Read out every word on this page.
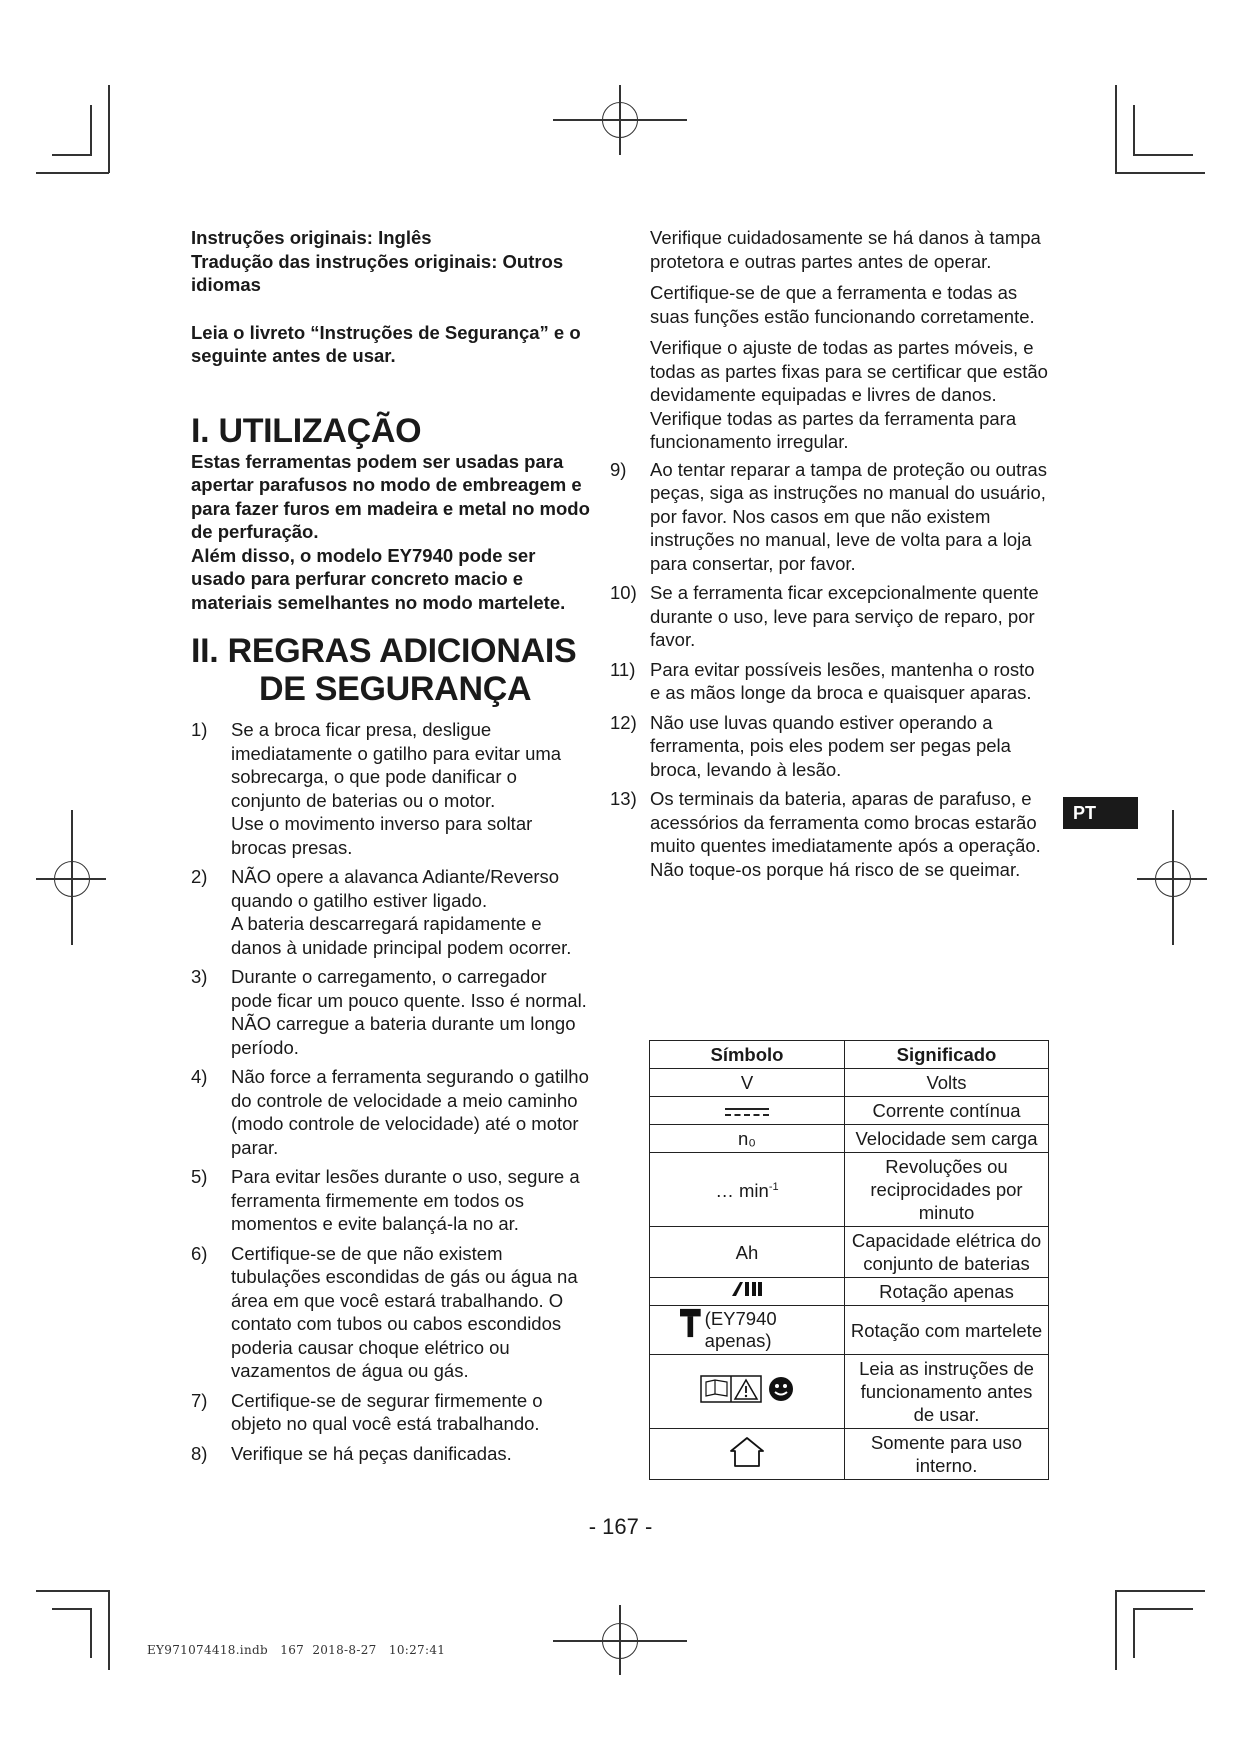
Instruções originais: Inglês

Tradução das instruções originais: Outros idiomas

Leia o livreto “Instruções de Segurança” e o seguinte antes de usar.

I. UTILIZAÇÃO

Estas ferramentas podem ser usadas para apertar parafusos no modo de embreagem e para fazer furos em madeira e metal no modo de perfuração.

Além disso, o modelo EY7940 pode ser usado para perfurar concreto macio e materiais semelhantes no modo martelete.

II. REGRAS ADICIONAIS
DE SEGURANÇA
1) Se a broca ficar presa, desligue imediatamente o gatilho para evitar uma sobrecarga, o que pode danificar o conjunto de baterias ou o motor.

Use o movimento inverso para soltar brocas presas.

2) NÃO opere a alavanca Adiante/Reverso quando o gatilho estiver ligado.

A bateria descarregará rapidamente e danos à unidade principal podem ocorrer.

3) Durante o carregamento, o carregador pode ficar um pouco quente. Isso é normal.

NÃO carregue a bateria durante um longo período.

4) Não force a ferramenta segurando o gatilho do controle de velocidade a meio caminho (modo controle de velocidade) até o motor parar.

5) Para evitar lesões durante o uso, segure a ferramenta firmemente em todos os momentos e evite balançá-la no ar.

6) Certifique-se de que não existem tubulações escondidas de gás ou água na área em que você estará trabalhando. O contato com tubos ou cabos escondidos poderia causar choque elétrico ou vazamentos de água ou gás.

7) Certifique-se de segurar firmemente o objeto no qual você está trabalhando.

8) Verifique se há peças danificadas.

Verifique cuidadosamente se há danos à tampa protetora e outras partes antes de operar.

Certifique-se de que a ferramenta e todas as suas funções estão funcionando corretamente.

Verifique o ajuste de todas as partes móveis, e todas as partes fixas para se certificar que estão devidamente equipadas e livres de danos. Verifique todas as partes da ferramenta para funcionamento irregular.

9) Ao tentar reparar a tampa de proteção ou outras peças, siga as instruções no manual do usuário, por favor. Nos casos em que não existem instruções no manual, leve de volta para a loja para consertar, por favor.

10) Se a ferramenta ficar excepcionalmente quente durante o uso, leve para serviço de reparo, por favor.

11) Para evitar possíveis lesões, mantenha o rosto e as mãos longe da broca e quaisquer aparas.

12) Não use luvas quando estiver operando a ferramenta, pois eles podem ser pegas pela broca, levando à lesão.

13) Os terminais da bateria, aparas de parafuso, e acessórios da ferramenta como brocas estarão muito quentes imediatamente após a operação. Não toque-os porque há risco de se queimar.

Símbolo	Significado
V	Volts
	Corrente contínua
n₀	Velocidade sem carga
… $\min^{-1}$	Revoluções ou reciprocidades por minuto
Ah	Capacidade elétrica do conjunto de baterias
	Rotação apenas

(EY7940 apenas)	Rotação com martelete
	Leia as instruções de funcionamento antes de usar.
	Somente para uso interno.
PT
- 167 -
EY971074418.indb   167  2018-8-27   10:27:41
